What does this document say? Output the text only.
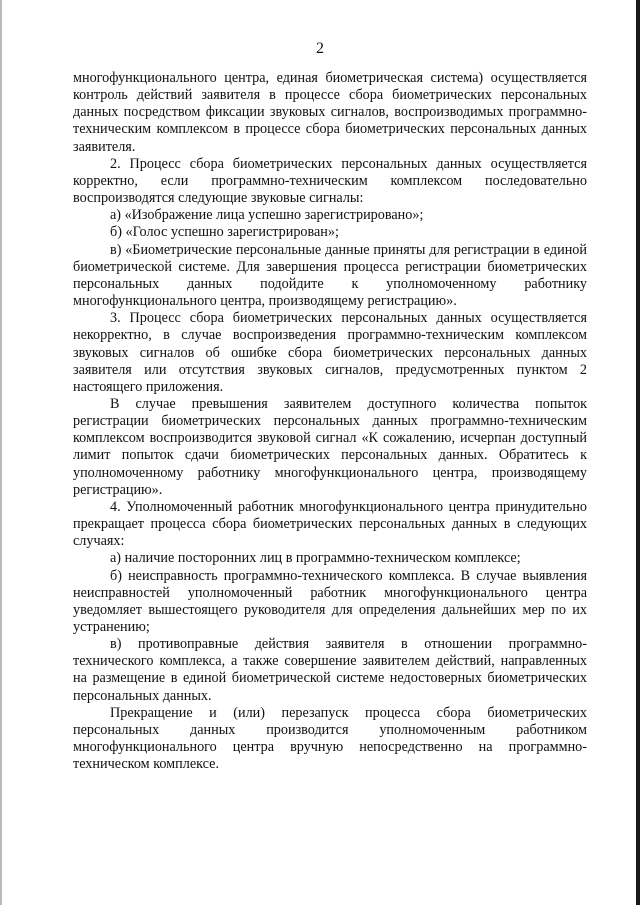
2

многофункционального центра, единая биометрическая система) осуществляется контроль действий заявителя в процессе сбора биометрических персональных данных посредством фиксации звуковых сигналов, воспроизводимых программно-техническим комплексом в процессе сбора биометрических персональных данных заявителя.

2. Процесс сбора биометрических персональных данных осуществляется корректно, если программно-техническим комплексом последовательно воспроизводятся следующие звуковые сигналы:

а) «Изображение лица успешно зарегистрировано»;

б) «Голос успешно зарегистрирован»;

в) «Биометрические персональные данные приняты для регистрации в единой биометрической системе. Для завершения процесса регистрации биометрических персональных данных подойдите к уполномоченному работнику многофункционального центра, производящему регистрацию».

3. Процесс сбора биометрических персональных данных осуществляется некорректно, в случае воспроизведения программно-техническим комплексом звуковых сигналов об ошибке сбора биометрических персональных данных заявителя или отсутствия звуковых сигналов, предусмотренных пунктом 2 настоящего приложения.

В случае превышения заявителем доступного количества попыток регистрации биометрических персональных данных программно-техническим комплексом воспроизводится звуковой сигнал «К сожалению, исчерпан доступный лимит попыток сдачи биометрических персональных данных. Обратитесь к уполномоченному работнику многофункционального центра, производящему регистрацию».

4. Уполномоченный работник многофункционального центра принудительно прекращает процесса сбора биометрических персональных данных в следующих случаях:

а) наличие посторонних лиц в программно-техническом комплексе;

б) неисправность программно-технического комплекса. В случае выявления неисправностей уполномоченный работник многофункционального центра уведомляет вышестоящего руководителя для определения дальнейших мер по их устранению;

в) противоправные действия заявителя в отношении программно-технического комплекса, а также совершение заявителем действий, направленных на размещение в единой биометрической системе недостоверных биометрических персональных данных.

Прекращение и (или) перезапуск процесса сбора биометрических персональных данных производится уполномоченным работником многофункционального центра вручную непосредственно на программно-техническом комплексе.
